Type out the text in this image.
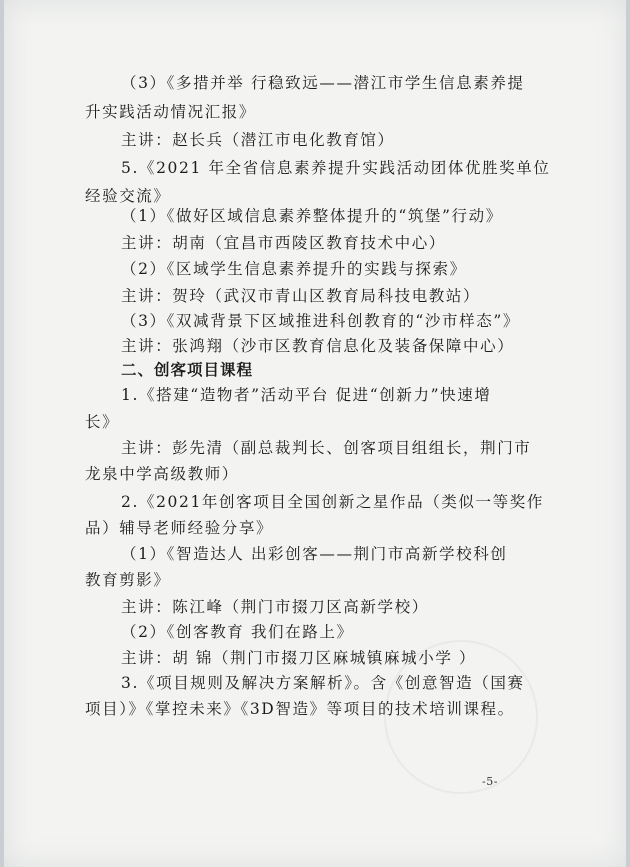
（3）《多措并举 行稳致远——潜江市学生信息素养提
升实践活动情况汇报》
主讲：赵长兵（潜江市电化教育馆）
5.《2021 年全省信息素养提升实践活动团体优胜奖单位
经验交流》
（1）《做好区域信息素养整体提升的“筑堡”行动》
主讲：胡南（宜昌市西陵区教育技术中心）
（2）《区域学生信息素养提升的实践与探索》
主讲：贺玲（武汉市青山区教育局科技电教站）
（3）《双减背景下区域推进科创教育的“沙市样态”》
主讲：张鸿翔（沙市区教育信息化及装备保障中心）
二、创客项目课程
1.《搭建“造物者”活动平台 促进“创新力”快速增
长》
主讲：彭先清（副总裁判长、创客项目组组长，荆门市
龙泉中学高级教师）
2.《2021年创客项目全国创新之星作品（类似一等奖作
品）辅导老师经验分享》
（1）《智造达人 出彩创客——荆门市高新学校科创
教育剪影》
主讲：陈江峰（荆门市掇刀区高新学校）
（2）《创客教育 我们在路上》
主讲：胡 锦（荆门市掇刀区麻城镇麻城小学 ）
3.《项目规则及解决方案解析》。含《创意智造（国赛
项目）》《掌控未来》《3D智造》等项目的技术培训课程。
-5-
